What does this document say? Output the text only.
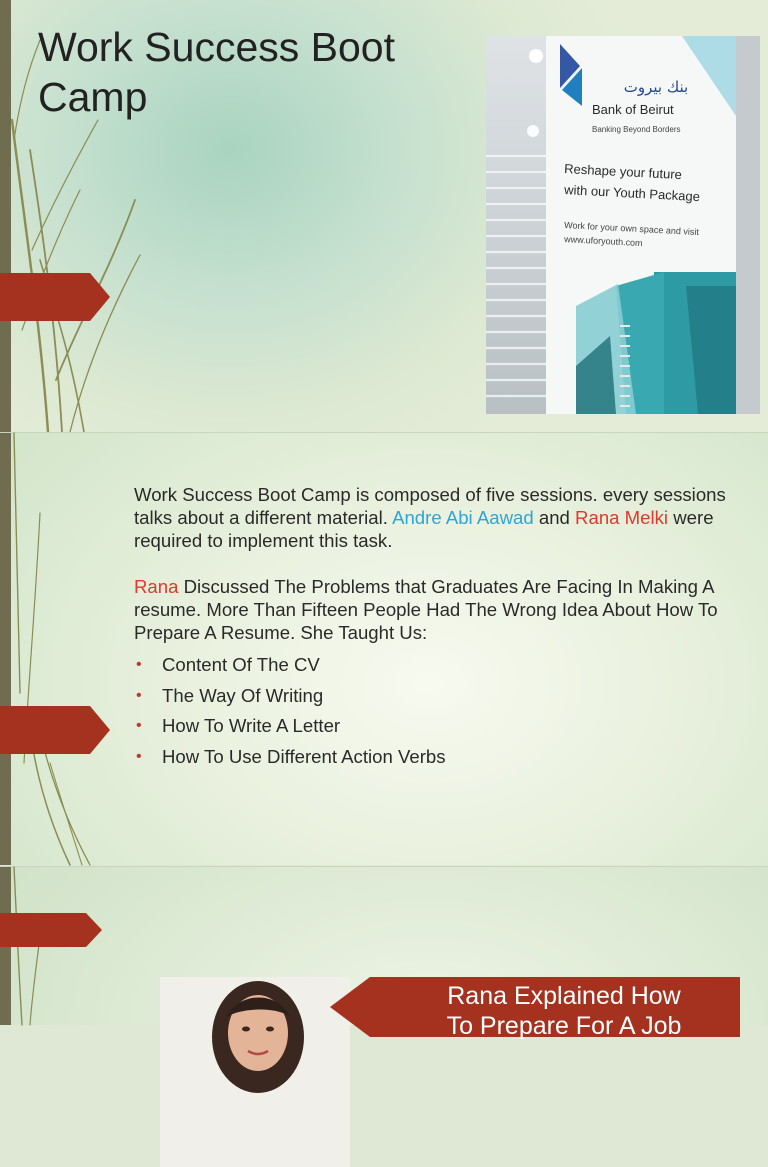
Work Success Boot Camp	بنك بيروت
Bank of Beirut
Banking Beyond Borders
Reshape your future
with our Youth Package
Work for your own space and visit
www.uforyouth.com

Work Success Boot Camp is composed of five sessions. every sessions talks about a different material. Andre Abi Aawad and Rana Melki were required to implement this task.

Rana Discussed The Problems that Graduates Are Facing In Making A resume. More Than Fifteen People Had The Wrong Idea About How To Prepare A Resume. She Taught Us:

• Content Of The CV
• The Way Of Writing
• How To Write A Letter
• How To Use Different Action Verbs
Rana Explained How
To Prepare For A Job
